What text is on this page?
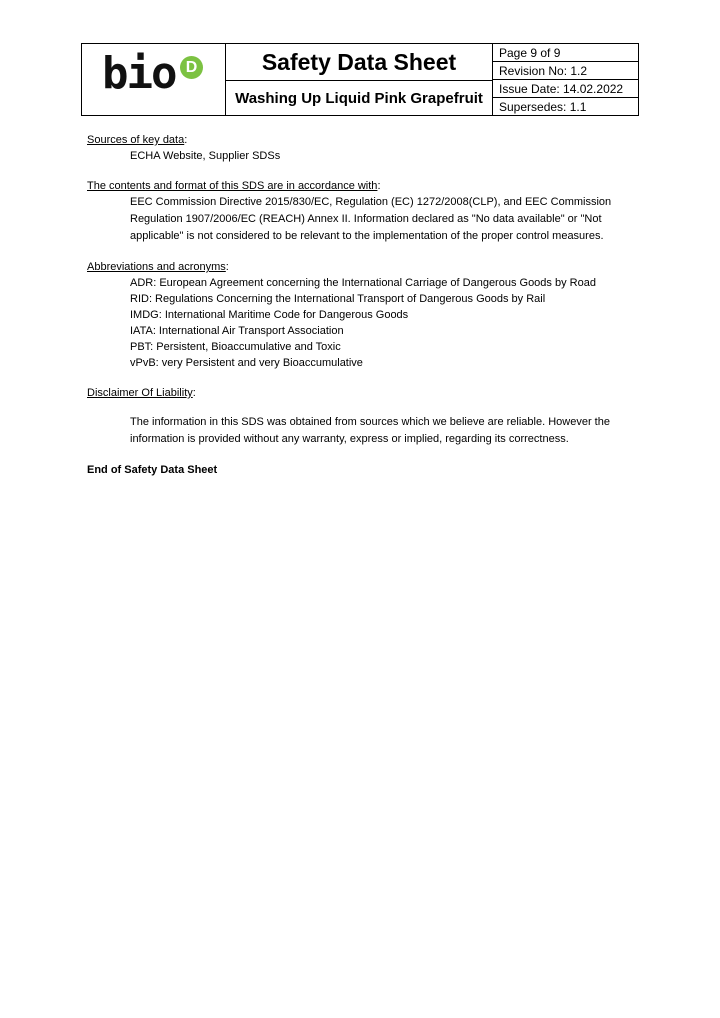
bio D	Safety Data Sheet
Washing Up Liquid Pink Grapefruit
Page 9 of 9
Revision No: 1.2
Issue Date: 14.02.2022
Supersedes: 1.1
Sources of key data:
ECHA Website, Supplier SDSs
The contents and format of this SDS are in accordance with:
EEC Commission Directive 2015/830/EC, Regulation (EC) 1272/2008(CLP), and EEC Commission Regulation 1907/2006/EC (REACH) Annex II. Information declared as "No data available" or "Not applicable" is not considered to be relevant to the implementation of the proper control measures.
Abbreviations and acronyms:
ADR: European Agreement concerning the International Carriage of Dangerous Goods by Road
RID: Regulations Concerning the International Transport of Dangerous Goods by Rail
IMDG: International Maritime Code for Dangerous Goods
IATA: International Air Transport Association
PBT: Persistent, Bioaccumulative and Toxic
vPvB: very Persistent and very Bioaccumulative
Disclaimer Of Liability:
The information in this SDS was obtained from sources which we believe are reliable. However the information is provided without any warranty, express or implied, regarding its correctness.
End of Safety Data Sheet
